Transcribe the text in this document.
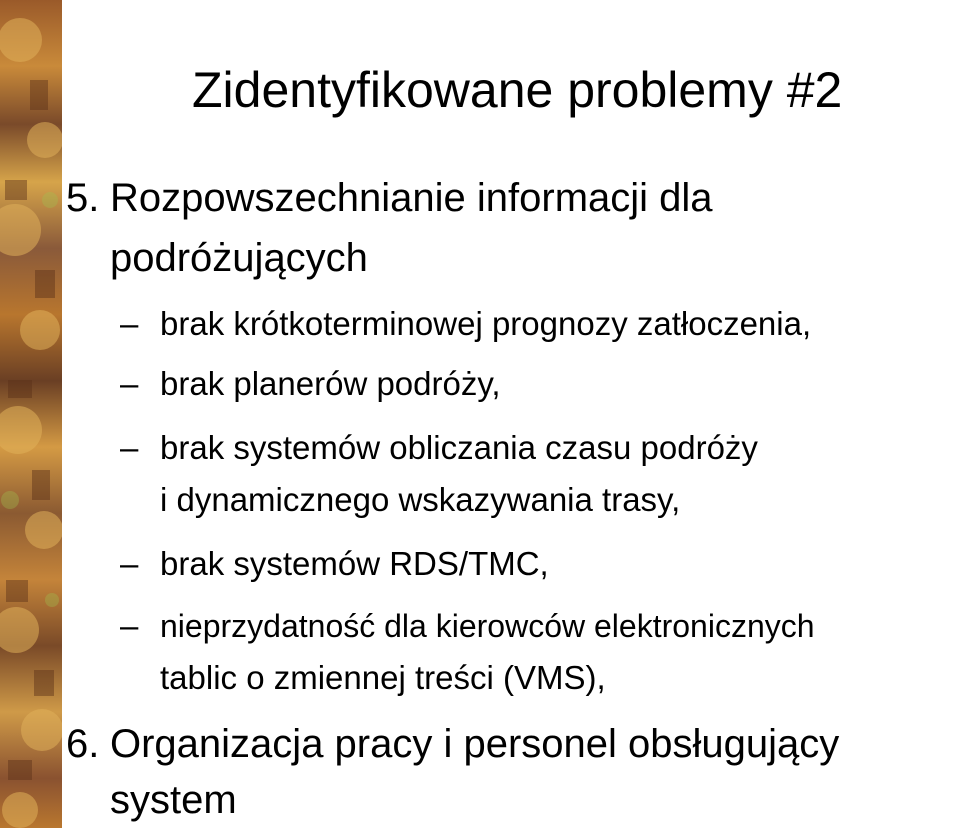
Zidentyfikowane problemy #2
5. Rozpowszechnianie informacji dla
podróżujących
– brak krótkoterminowej prognozy zatłoczenia,
– brak planerów podróży,
– brak systemów obliczania czasu podróży
i dynamicznego wskazywania trasy,
– brak systemów RDS/TMC,
– nieprzydatność dla kierowców elektronicznych
tablic o zmiennej treści (VMS),
6. Organizacja pracy i personel obsługujący
system
